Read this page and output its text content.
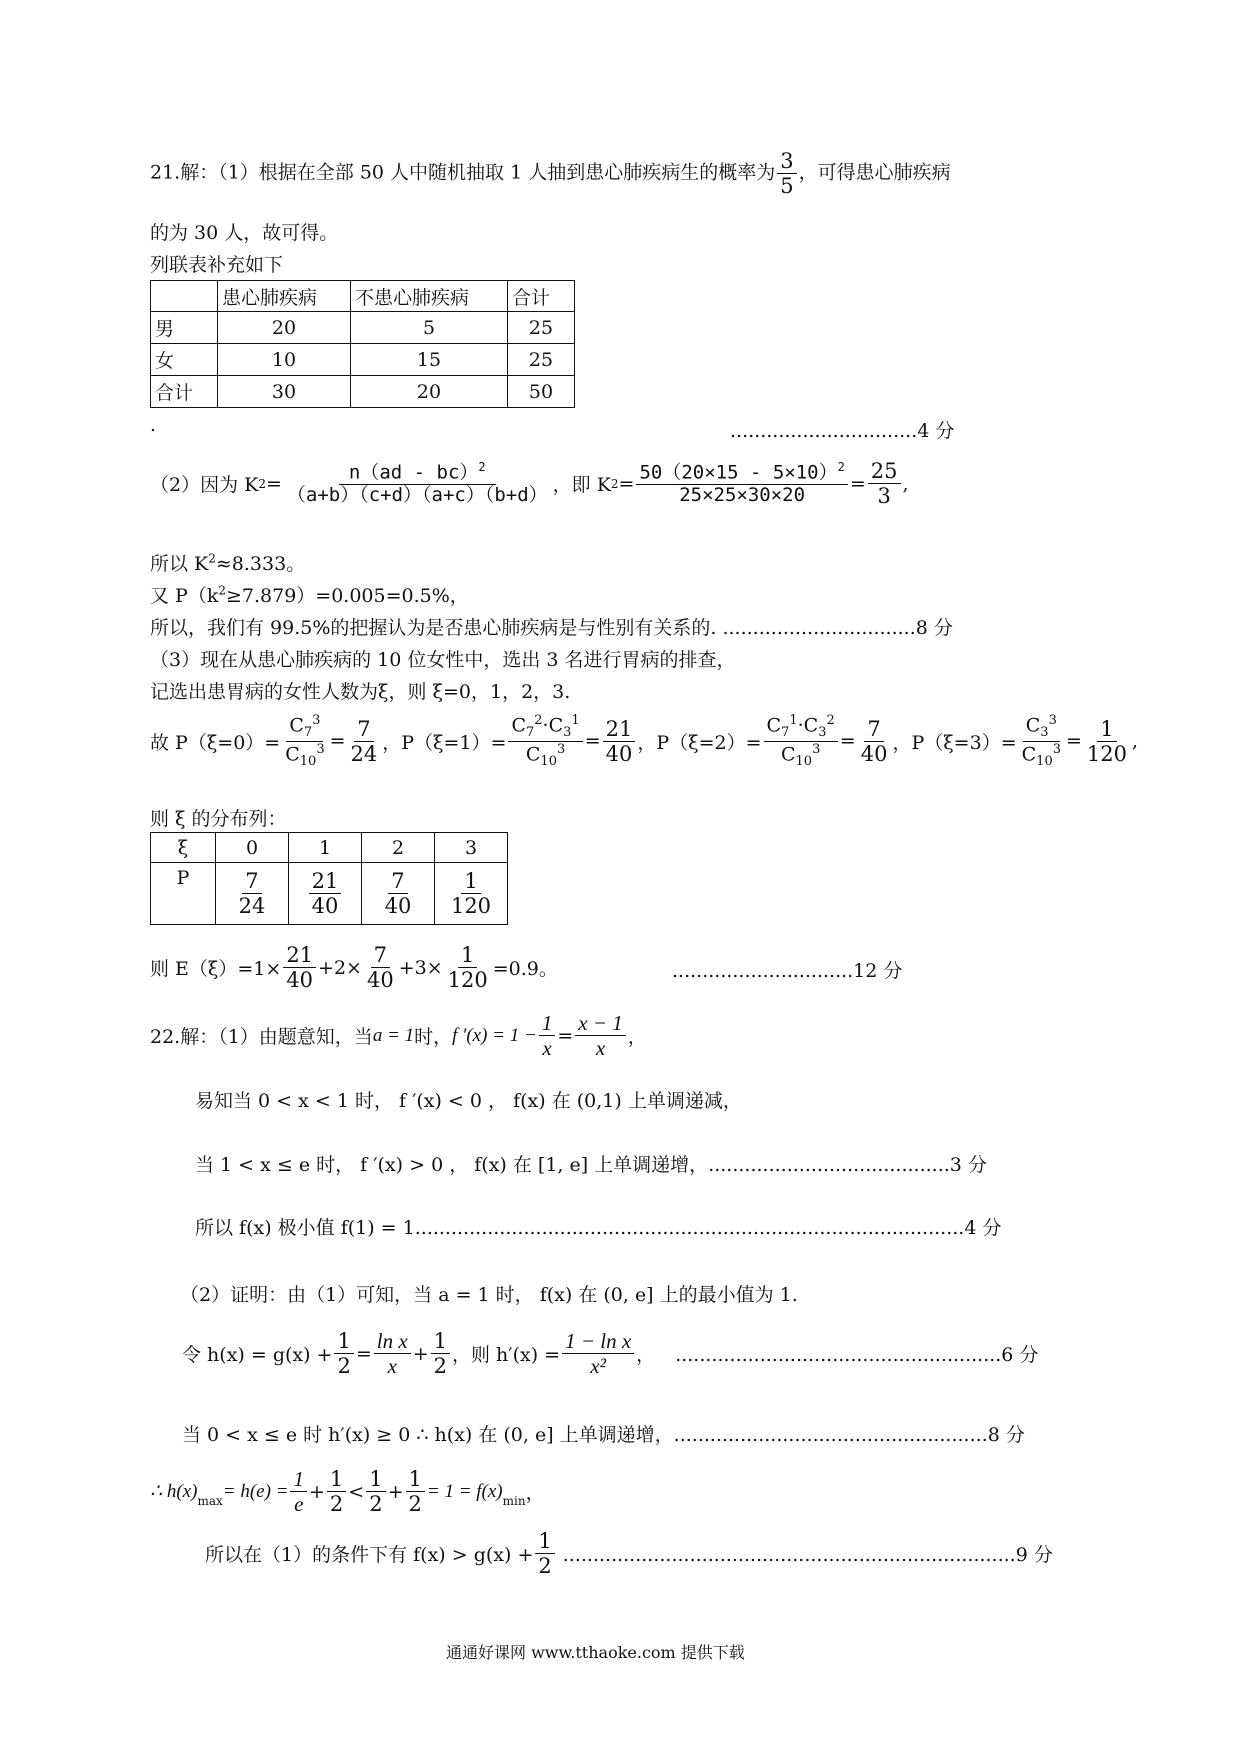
21.解：（1）根据在全部 50 人中随机抽取 1 人抽到患心肺疾病生的概率为 $\frac{3}{5}$ ，可得患心肺疾病
的为 30 人，故可得。
列联表补充如下
	患心肺疾病	不患心肺疾病	合计
男	20	5	25
女	10	15	25
合计	30	20	50
.	...............................4 分
（2）因为 K $2 = \frac{n(ad - bc)^2}{(a+b)(c+d)(a+c)(b+d)}$ ，即 K $2 = \frac{50(20\times 15 - 5\times 10)^2}{25\times 25\times 30\times 20} = \frac{25}{3}$ ,
所以 $K^2\approx 8.333$。
又 $P(k^2\ge 7.879)=0.005=0.5\%$，
所以，我们有 99.5%的把握认为是否患心肺疾病是与性别有关系的. ................................8 分
（3）现在从患心肺疾病的 10 位女性中，选出 3 名进行胃病的排查，
记选出患胃病的女性人数为ξ，则 ξ=0，1，2，3.
故 $P(\xi=0)= \frac{C_7^3}{C_{10}^3} = \frac{7}{24}$ ，$P(\xi=1)= \frac{C_7^2\cdot C_3^1}{C_{10}^3} = \frac{21}{40}$ ，$P(\xi=2)= \frac{C_7^1\cdot C_3^2}{C_{10}^3} = \frac{7}{40}$ ，$P(\xi=3)= \frac{C_3^3}{C_{10}^3} = \frac{1}{120}$ ,
则 ξ 的分布列：
ξ	0	1	2	3
P	$\frac{7}{24}$	$\frac{21}{40}$	$\frac{7}{40}$	$\frac{1}{120}$
则 $E(\xi)=1\times \frac{21}{40} +2\times \frac{7}{40} +3\times \frac{1}{120} =0.9$。	..............................12 分
22.解：（1）由题意知，当 a = 1 时， f $'(x) = 1 - \frac{1}{x} = \frac{x - 1}{x}$ ，
易知当 0 < x < 1 时， f ′(x) < 0 ， f(x) 在 (0,1) 上单调递减，
当 1 < x ≤ e 时， f ′(x) > 0 ， f(x) 在 [1, e] 上单调递增，........................................3 分
所以 f(x) 极小值 f(1) = 1...........................................................................................4 分
（2）证明：由（1）可知，当 a = 1 时， f(x) 在 (0, e] 上的最小值为 1.
令 $h(x) = g(x) + \frac{1}{2} = \frac{\text{ln x}}{x} + \frac{1}{2}$ ，则 $h'(x) = \frac{\text{1 − ln x}}{\text{x²}}$ ， ......................................................6 分
当 0 < x ≤ e 时 h′(x) ≥ 0 ∴ h(x) 在 (0, e] 上单调递增，....................................................8 分
∴ $h(x)_{max} = h(e) = \frac{1}{e} + \frac{1}{2} < \frac{1}{2} + \frac{1}{2} = 1 = f(x)_{min}$ ，
所以在（1）的条件下有 $f(x) > g(x) + \frac{1}{2} ...........................................................................9$ 分
通通好课网 www.tthaoke.com 提供下载
